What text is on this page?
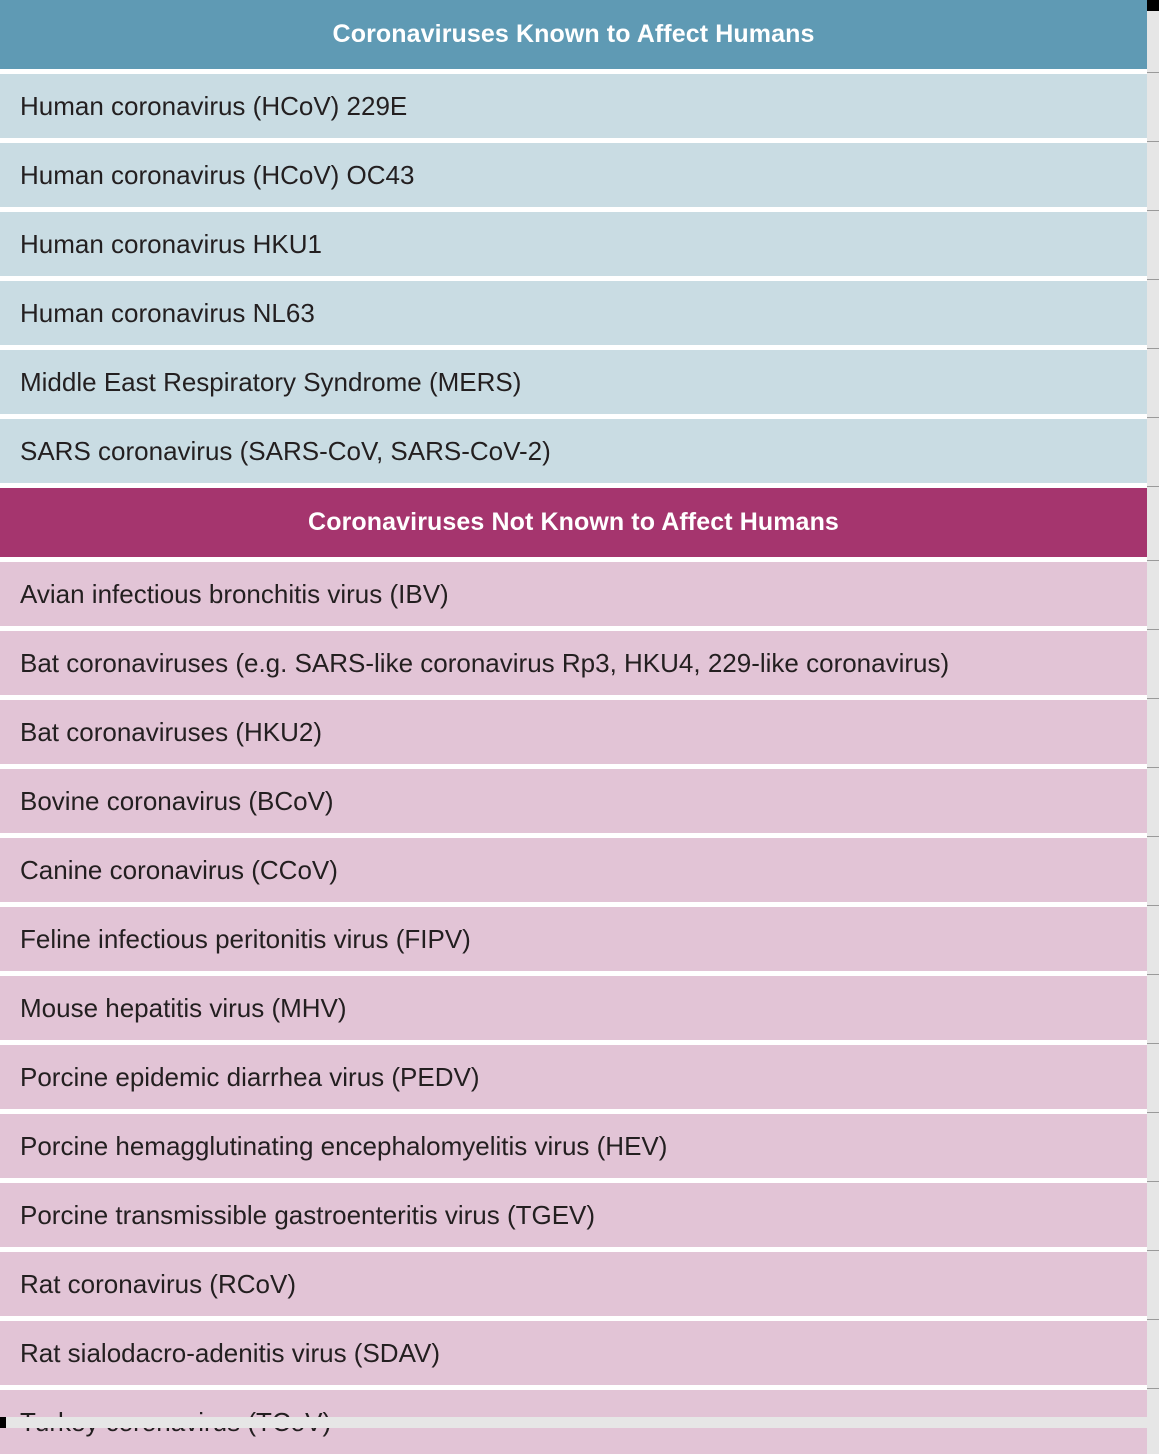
Coronaviruses Known to Affect Humans
Human coronavirus (HCoV) 229E
Human coronavirus (HCoV) OC43
Human coronavirus HKU1
Human coronavirus NL63
Middle East Respiratory Syndrome (MERS)
SARS coronavirus (SARS-CoV, SARS-CoV-2)
Coronaviruses Not Known to Affect Humans
Avian infectious bronchitis virus (IBV)
Bat coronaviruses (e.g. SARS-like coronavirus Rp3, HKU4, 229-like coronavirus)
Bat coronaviruses (HKU2)
Bovine coronavirus (BCoV)
Canine coronavirus (CCoV)
Feline infectious peritonitis virus (FIPV)
Mouse hepatitis virus (MHV)
Porcine epidemic diarrhea virus (PEDV)
Porcine hemagglutinating encephalomyelitis virus (HEV)
Porcine transmissible gastroenteritis virus (TGEV)
Rat coronavirus (RCoV)
Rat sialodacro-adenitis virus (SDAV)
